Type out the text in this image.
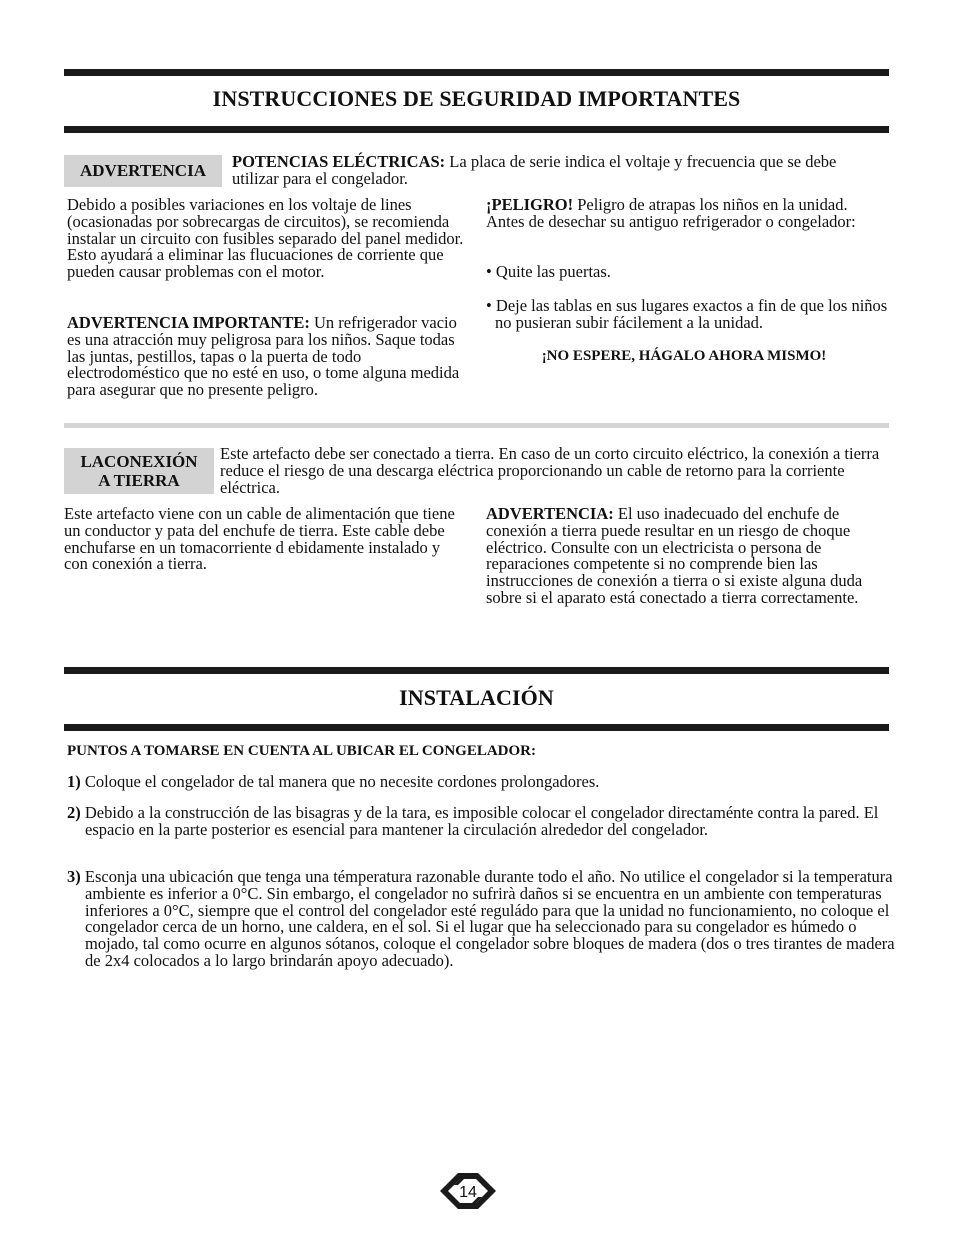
INSTRUCCIONES DE SEGURIDAD IMPORTANTES
ADVERTENCIA	POTENCIAS ELÉCTRICAS: La placa de serie indica el voltaje y frecuencia que se debe utilizar para el congelador.

Debido a posibles variaciones en los voltaje de lines (ocasionadas por sobrecargas de circuitos), se recomienda instalar un circuito con fusibles separado del panel medidor. Esto ayudará a eliminar las flucuaciones de corriente que pueden causar problemas con el motor.

ADVERTENCIA IMPORTANTE: Un refrigerador vacio es una atracción muy peligrosa para los niños. Saque todas las juntas, pestillos, tapas o la puerta de todo electrodoméstico que no esté en uso, o tome alguna medida para asegurar que no presente peligro.

¡PELIGRO! Peligro de atrapas los niños en la unidad. Antes de desechar su antiguo refrigerador o congelador:

• Quite las puertas.
• Deje las tablas en sus lugares exactos a fin de que los niños no pusieran subir fácilement a la unidad.
¡NO ESPERE, HÁGALO AHORA MISMO!
LACONEXIÓN
A TIERRA
Este artefacto debe ser conectado a tierra. En caso de un corto circuito eléctrico, la conexión a tierra reduce el riesgo de una descarga eléctrica proporcionando un cable de retorno para la corriente eléctrica.
Este artefacto viene con un cable de alimentación que tiene un conductor y pata del enchufe de tierra. Este cable debe enchufarse en un tomacorriente d ebidamente instalado y con conexión a tierra.

ADVERTENCIA: El uso inadecuado del enchufe de conexión a tierra puede resultar en un riesgo de choque eléctrico. Consulte con un electricista o persona de reparaciones competente si no comprende bien las instrucciones de conexión a tierra o si existe alguna duda sobre si el aparato está conectado a tierra correctamente.

INSTALACIÓN
PUNTOS A TOMARSE EN CUENTA AL UBICAR EL CONGELADOR:
1) Coloque el congelador de tal manera que no necesite cordones prolongadores.
2) Debido a la construcción de las bisagras y de la tara, es imposible colocar el congelador directaménte contra la pared. El espacio en la parte posterior es esencial para mantener la circulación alrededor del congelador.
3) Esconja una ubicación que tenga una témperatura razonable durante todo el año. No utilice el congelador si la temperatura ambiente es inferior a 0°C. Sin embargo, el congelador no sufrirà daños si se encuentra en un ambiente con temperaturas inferiores a 0°C, siempre que el control del congelador esté reguládo para que la unidad no funcionamiento, no coloque el congelador cerca de un horno, une caldera, en el sol. Si el lugar que ha seleccionado para su congelador es húmedo o mojado, tal como ocurre en algunos sótanos, coloque el congelador sobre bloques de madera (dos o tres tirantes de madera de 2x4 colocados a lo largo brindarán apoyo adecuado).
14
